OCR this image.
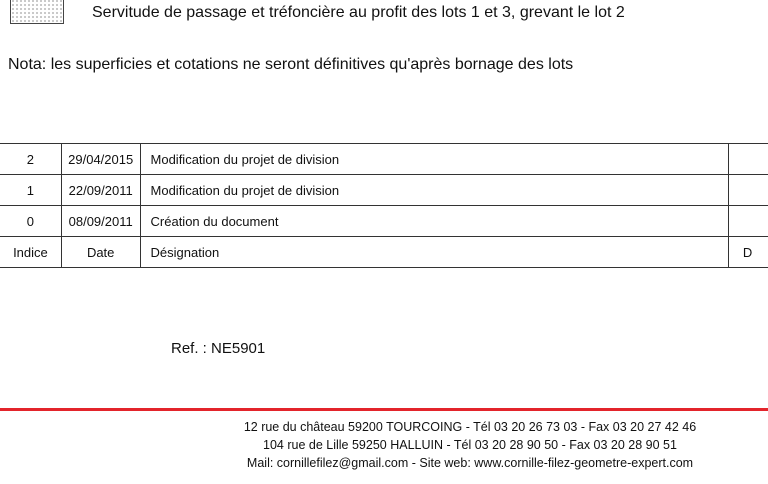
Servitude de passage et tréfoncière au profit des lots 1 et 3, grevant le lot 2
Nota: les superficies et cotations ne seront définitives qu'après bornage des lots
2	29/04/2015	Modification du projet de division	
1	22/09/2011	Modification du projet de division	
0	08/09/2011	Création du document	
Indice	Date	Désignation	D
Ref. : NE5901
12 rue du château 59200 TOURCOING - Tél 03 20 26 73 03 - Fax 03 20 27 42 46
104 rue de Lille 59250 HALLUIN - Tél 03 20 28 90 50 - Fax 03 20 28 90 51
Mail: cornillefilez@gmail.com - Site web: www.cornille-filez-geometre-expert.com
